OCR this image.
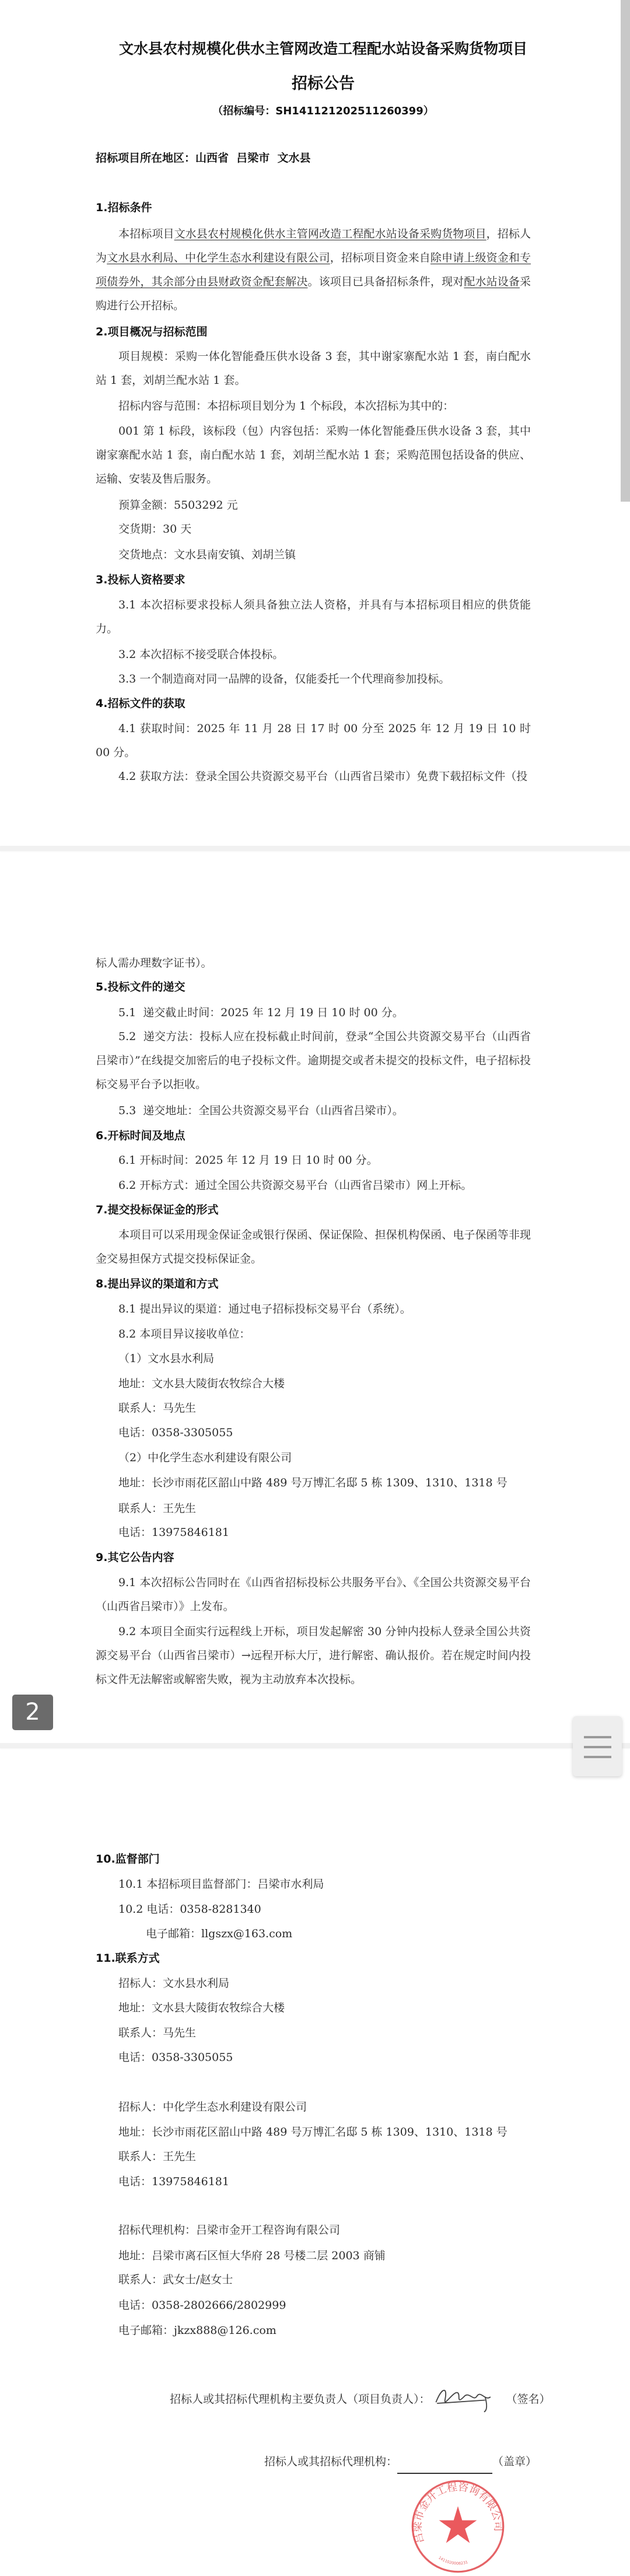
文水县农村规模化供水主管网改造工程配水站设备采购货物项目
招标公告
（招标编号：SH14112120251126039​9）
招标项目所在地区：山西省  吕梁市  文水县
1.招标条件
本招标项目文水县农村规模化供水主管网改造工程配水站设备采购货物项目，招标人为文水县水利局、中化学生态水利建设有限公司，招标项目资金来自除申请上级资金和专项债券外，其余部分由县财政资金配套解决。该项目已具备招标条件，现对配水站设备采购进行公开招标。
2.项目概况与招标范围
项目规模：采购一体化智能叠压供水设备 3 套，其中谢家寨配水站 1 套，南白配水站 1 套，刘胡兰配水站 1 套。
招标内容与范围：本招标项目划分为 1 个标段，本次招标为其中的：
001 第 1 标段，该标段（包）内容包括：采购一体化智能叠压供水设备 3 套，其中谢家寨配水站 1 套，南白配水站 1 套，刘胡兰配水站 1 套；采购范围包括设备的供应、运输、安装及售后服务。
预算金额：5503292 元
交货期：30 天
交货地点：文水县南安镇、刘胡兰镇
3.投标人资格要求
3.1 本次招标要求投标人须具备独立法人资格，并具有与本招标项目相应的供货能力。
3.2 本次招标不接受联合体投标。
3.3 一个制造商对同一品牌的设备，仅能委托一个代理商参加投标。
4.招标文件的获取
4.1 获取时间：2025 年 11 月 28 日 17 时 00 分至 2025 年 12 月 19 日 10 时 00 分。
4.2 获取方法：登录全国公共资源交易平台（山西省吕梁市）免费下载招标文件（投
标人需办理数字证书）。
5.投标文件的递交
5.1  递交截止时间：2025 年 12 月 19 日 10 时 00 分。
5.2  递交方法：投标人应在投标截止时间前，登录“全国公共资源交易平台（山西省吕梁市）”在线提交加密后的电子投标文件。逾期提交或者未提交的投标文件，电子招标投标交易平台予以拒收。
5.3  递交地址：全国公共资源交易平台（山西省吕梁市）。
6.开标时间及地点
6.1 开标时间：2025 年 12 月 19 日 10 时 00 分。
6.2 开标方式：通过全国公共资源交易平台（山西省吕梁市）网上开标。
7.提交投标保证金的形式
本项目可以采用现金保证金或银行保函、保证保险、担保机构保函、电子保函等非现金交易担保方式提交投标保证金。
8.提出异议的渠道和方式
8.1 提出异议的渠道：通过电子招标投标交易平台（系统）。
8.2 本项目异议接收单位：
（1）文水县水利局
地址：文水县大陵街农牧综合大楼
联系人：马先生
电话：0358-3305055
（2）中化学生态水利建设有限公司
地址：长沙市雨花区韶山中路 489 号万博汇名邸 5 栋 1309、1310、1318 号
联系人：王先生
电话：13975846181
9.其它公告内容
9.1 本次招标公告同时在《山西省招标投标公共服务平台》、《全国公共资源交易平台（山西省吕梁市）》上发布。
9.2 本项目全面实行远程线上开标，项目发起解密 30 分钟内投标人登录全国公共资源交易平台（山西省吕梁市）→远程开标大厅，进行解密、确认报价。若在规定时间内投标文件无法解密或解密失败，视为主动放弃本次投标。
10.监督部门
10.1 本招标项目监督部门：吕梁市水利局
10.2 电话：0358-8281340
电子邮箱：llgszx@163.com
11.联系方式
招标人：文水县水利局
地址：文水县大陵街农牧综合大楼
联系人：马先生
电话：0358-3305055
招标人：中化学生态水利建设有限公司
地址：长沙市雨花区韶山中路 489 号万博汇名邸 5 栋 1309、1310、1318 号
联系人：王先生
电话：13975846181
招标代理机构：吕梁市金开工程咨询有限公司
地址：吕梁市离石区恒大华府 28 号楼二层 2003 商铺
联系人：武女士/赵女士
电话：0358-2802666/2802999
电子邮箱：jkzx888@126.com
招标人或其招标代理机构主要负责人（项目负责人）：	（签名）
招标人或其招标代理机构：	（盖章）
吕梁市金开工程咨询有限公司
1411020008231
2
